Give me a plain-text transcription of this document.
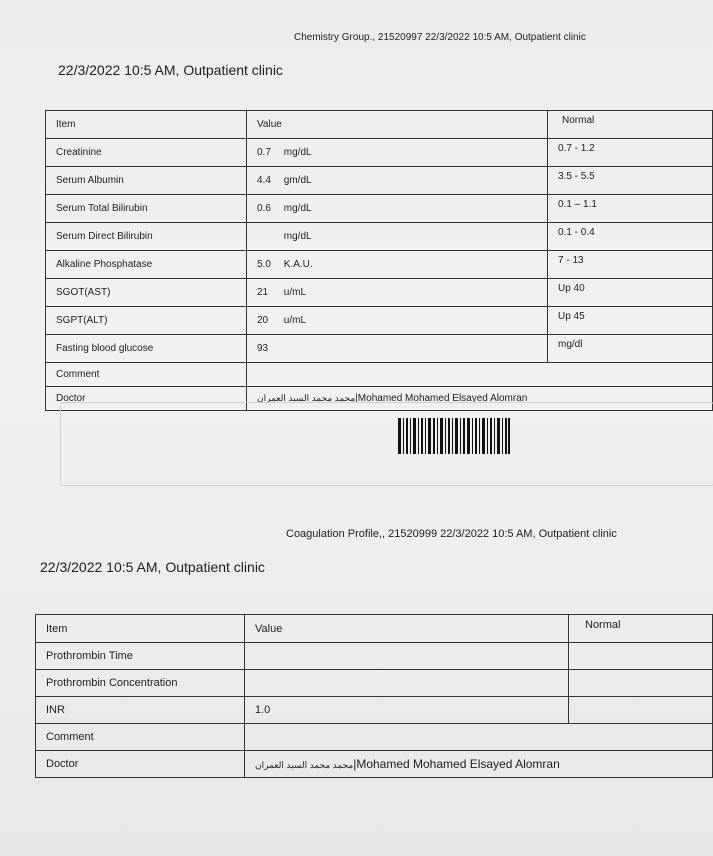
Chemistry Group., 21520997 22/3/2022 10:5 AM, Outpatient clinic
22/3/2022 10:5 AM, Outpatient clinic
Item	Value	Normal
Creatinine	0.7 mg/dL	0.7 - 1.2
Serum Albumin	4.4 gm/dL	3.5 - 5.5
Serum Total Bilirubin	0.6 mg/dL	0.1 – 1.1
Serum Direct Bilirubin	mg/dL	0.1 - 0.4
Alkaline Phosphatase	5.0 K.A.U.	7 - 13
SGOT(AST)	21 u/mL	Up 40
SGPT(ALT)	20 u/mL	Up 45
Fasting blood glucose	93	mg/dl
Comment		
Doctor	محمد محمد السيد العمران|Mohamed Mohamed Elsayed Alomran	
Coagulation Profile,, 21520999 22/3/2022 10:5 AM, Outpatient clinic
22/3/2022 10:5 AM, Outpatient clinic
Item	Value	Normal
Prothrombin Time		
Prothrombin Concentration		
INR	1.0	
Comment		
Doctor	محمد محمد السيد العمران|Mohamed Mohamed Elsayed Alomran	
